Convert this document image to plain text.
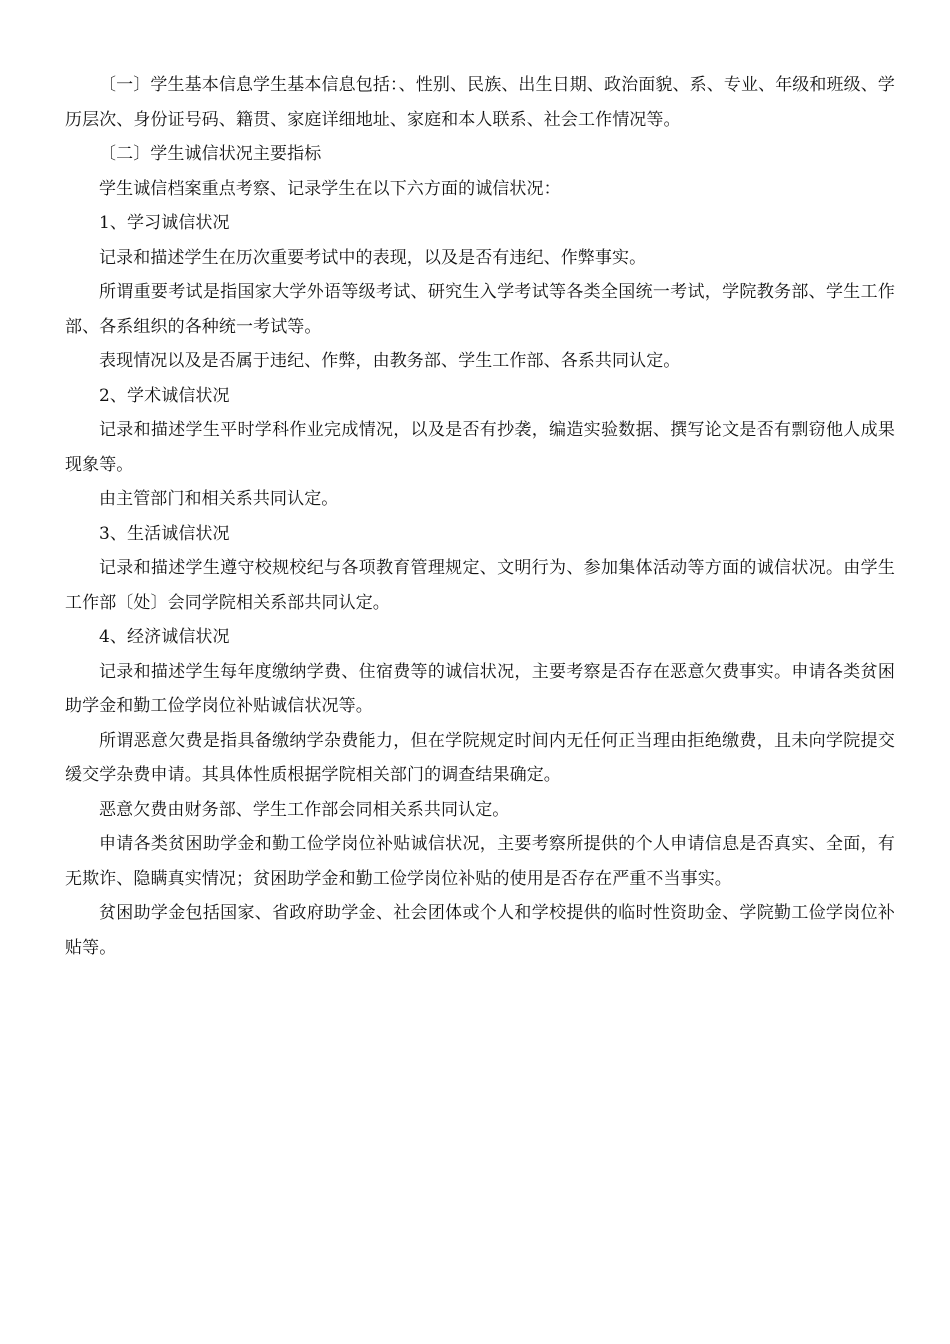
〔一〕学生基本信息学生基本信息包括：、性别、民族、出生日期、政治面貌、系、专业、年级和班级、学历层次、身份证号码、籍贯、家庭详细地址、家庭和本人联系、社会工作情况等。

〔二〕学生诚信状况主要指标

学生诚信档案重点考察、记录学生在以下六方面的诚信状况：

1、学习诚信状况

记录和描述学生在历次重要考试中的表现，以及是否有违纪、作弊事实。

所谓重要考试是指国家大学外语等级考试、研究生入学考试等各类全国统一考试，学院教务部、学生工作部、各系组织的各种统一考试等。

表现情况以及是否属于违纪、作弊，由教务部、学生工作部、各系共同认定。

2、学术诚信状况

记录和描述学生平时学科作业完成情况，以及是否有抄袭，编造实验数据、撰写论文是否有剽窃他人成果现象等。

由主管部门和相关系共同认定。

3、生活诚信状况

记录和描述学生遵守校规校纪与各项教育管理规定、文明行为、参加集体活动等方面的诚信状况。由学生工作部〔处〕会同学院相关系部共同认定。

4、经济诚信状况

记录和描述学生每年度缴纳学费、住宿费等的诚信状况，主要考察是否存在恶意欠费事实。申请各类贫困助学金和勤工俭学岗位补贴诚信状况等。

所谓恶意欠费是指具备缴纳学杂费能力，但在学院规定时间内无任何正当理由拒绝缴费，且未向学院提交缓交学杂费申请。其具体性质根据学院相关部门的调查结果确定。

恶意欠费由财务部、学生工作部会同相关系共同认定。

申请各类贫困助学金和勤工俭学岗位补贴诚信状况，主要考察所提供的个人申请信息是否真实、全面，有无欺诈、隐瞒真实情况；贫困助学金和勤工俭学岗位补贴的使用是否存在严重不当事实。

贫困助学金包括国家、省政府助学金、社会团体或个人和学校提供的临时性资助金、学院勤工俭学岗位补贴等。
